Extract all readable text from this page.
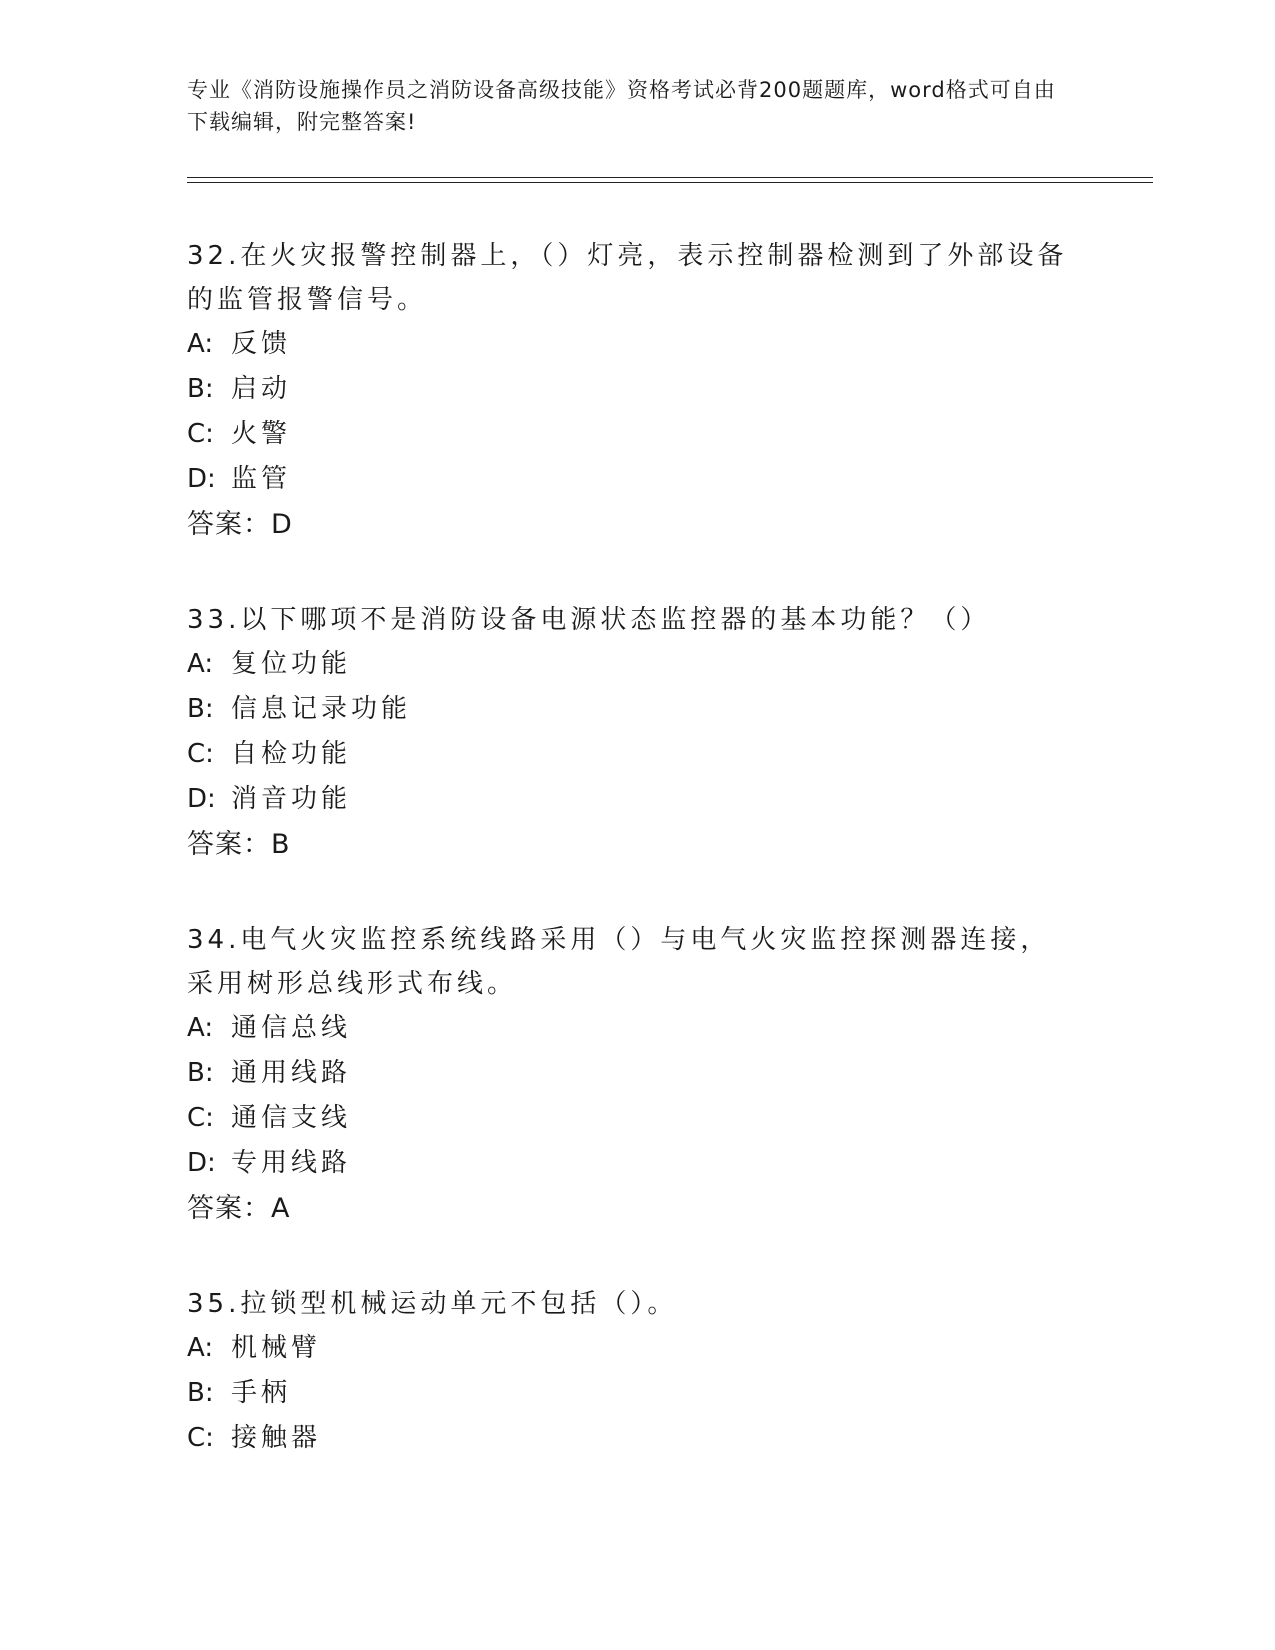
专业《消防设施操作员之消防设备高级技能》资格考试必背200题题库，word格式可自由下载编辑，附完整答案!

32.在火灾报警控制器上，（）灯亮，表示控制器检测到了外部设备的监管报警信号。

A: 反馈

B: 启动

C: 火警

D: 监管

答案：D

33.以下哪项不是消防设备电源状态监控器的基本功能？（）

A: 复位功能

B: 信息记录功能

C: 自检功能

D: 消音功能

答案：B

34.电气火灾监控系统线路采用（）与电气火灾监控探测器连接，采用树形总线形式布线。

A: 通信总线

B: 通用线路

C: 通信支线

D: 专用线路

答案：A

35.拉锁型机械运动单元不包括（）。

A: 机械臂

B: 手柄

C: 接触器
